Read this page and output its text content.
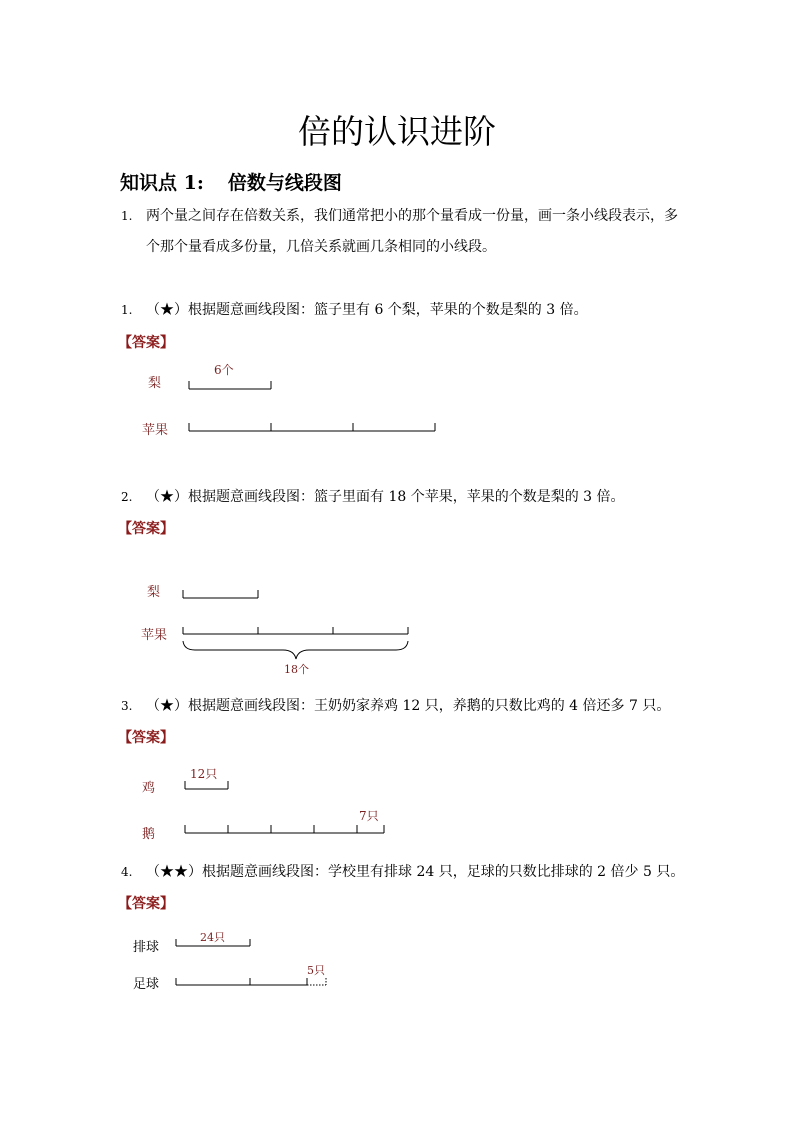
倍的认识进阶
知识点 1: 倍数与线段图
1. 两个量之间存在倍数关系，我们通常把小的那个量看成一份量，画一条小线段表示，多
个那个量看成多份量，几倍关系就画几条相同的小线段。
1. （★）根据题意画线段图：篮子里有 6 个梨，苹果的个数是梨的 3 倍。
【答案】
梨
苹果
6个
2. （★）根据题意画线段图：篮子里面有 18 个苹果，苹果的个数是梨的 3 倍。
【答案】
梨
苹果
18个
3. （★）根据题意画线段图：王奶奶家养鸡 12 只，养鹅的只数比鸡的 4 倍还多 7 只。
【答案】
鸡
鹅
12只
7只
4. （★★）根据题意画线段图：学校里有排球 24 只，足球的只数比排球的 2 倍少 5 只。
【答案】
排球
足球
24只
5只
